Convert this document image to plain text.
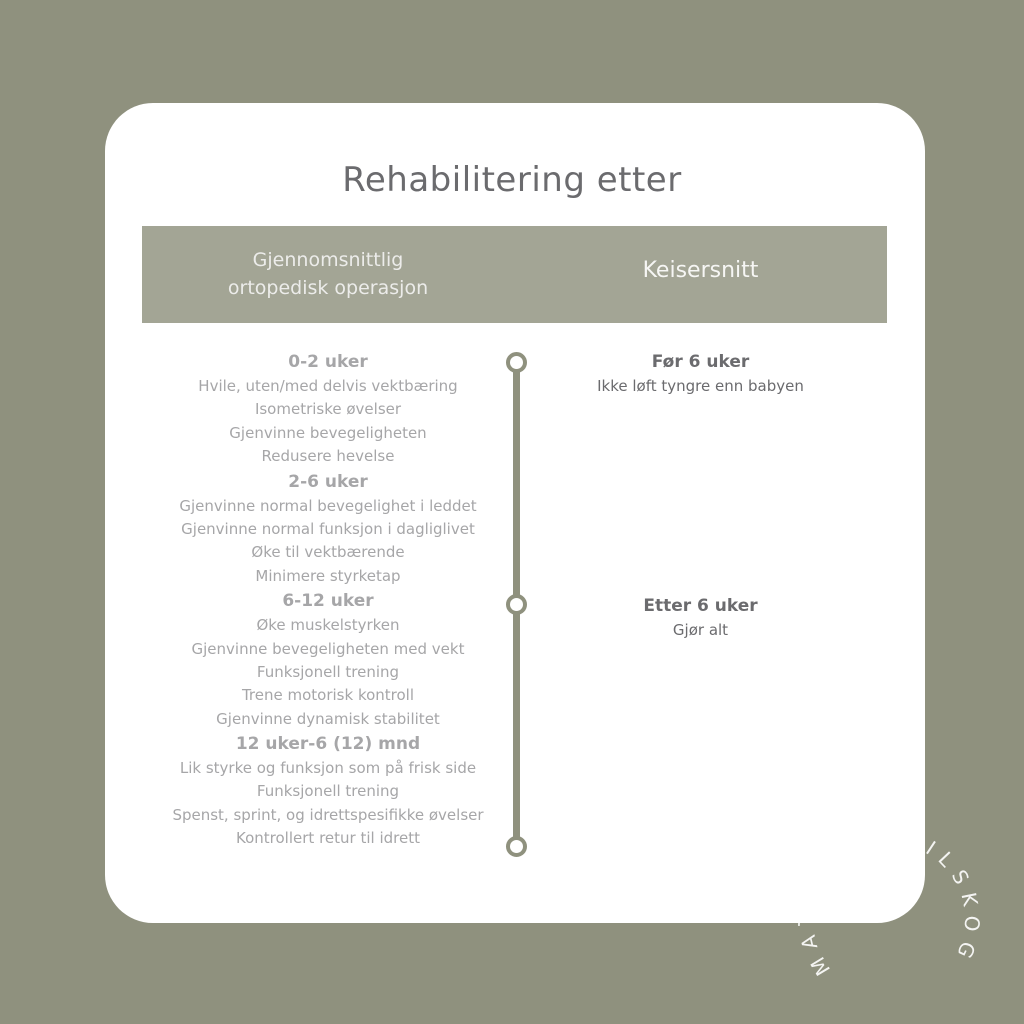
Rehabilitering etter
Gjennomsnittlig
ortopedisk operasjon
Keisersnitt
0-2 uker
Hvile, uten/med delvis vektbæring
Isometriske øvelser
Gjenvinne bevegeligheten
Redusere hevelse
2-6 uker
Gjenvinne normal bevegelighet i leddet
Gjenvinne normal funksjon i dagliglivet
Øke til vektbærende
Minimere styrketap
6-12 uker
Øke muskelstyrken
Gjenvinne bevegeligheten med vekt
Funksjonell trening
Trene motorisk kontroll
Gjenvinne dynamisk stabilitet
12 uker-6 (12) mnd
Lik styrke og funksjon som på frisk side
Funksjonell trening
Spenst, sprint, og idrettspesifikke øvelser
Kontrollert retur til idrett
Før 6 uker
Ikke løft tyngre enn babyen
Etter 6 uker
Gjør alt
MATHILDE PILSKOG
